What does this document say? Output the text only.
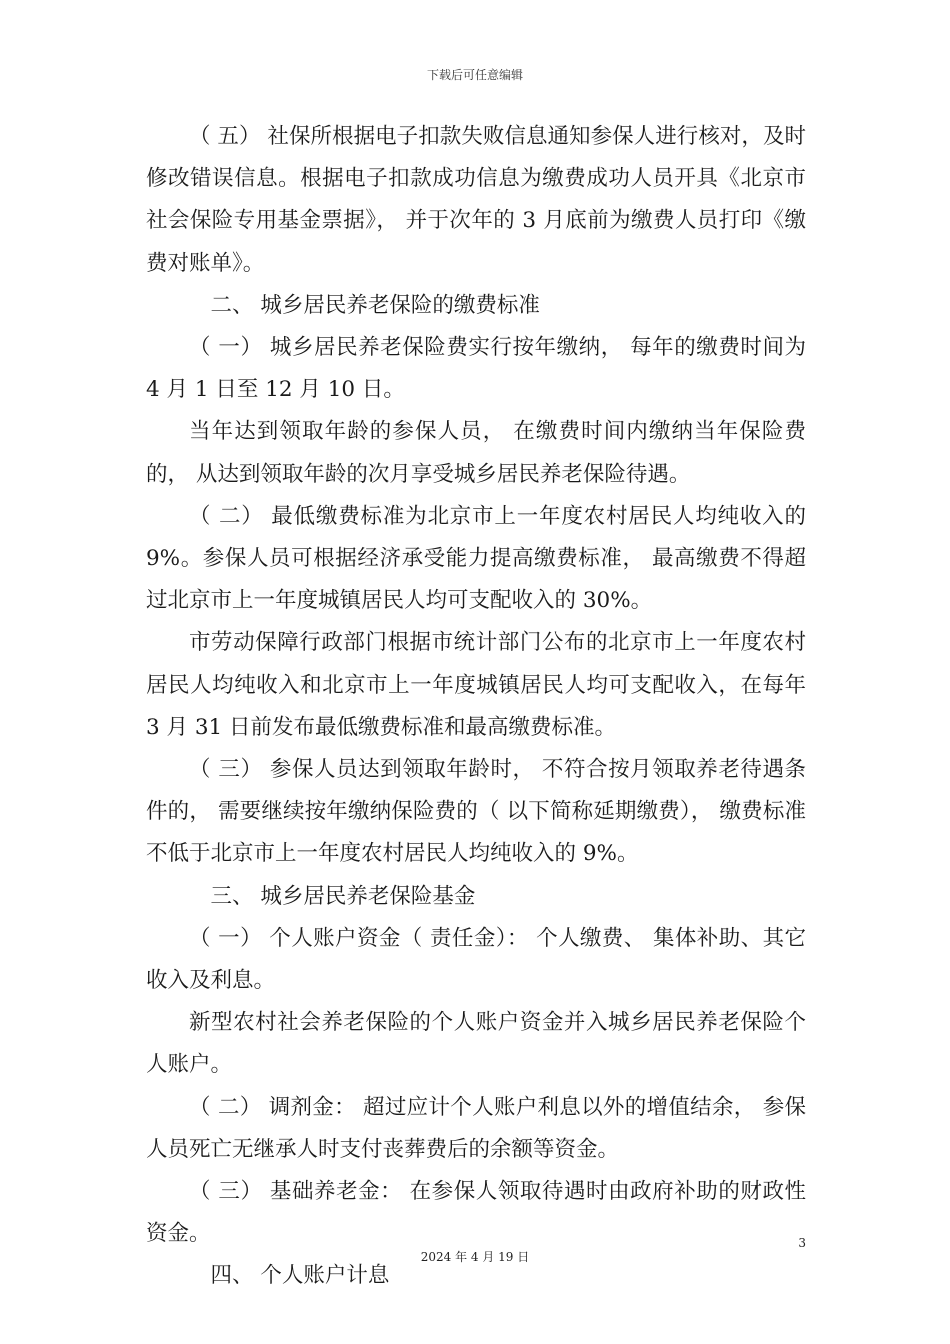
下载后可任意编辑

（ 五） 社保所根据电子扣款失败信息通知参保人进行核对，及时修改错误信息。根据电子扣款成功信息为缴费成功人员开具《北京市社会保险专用基金票据》， 并于次年的 3 月底前为缴费人员打印《缴费对账单》。

二、 城乡居民养老保险的缴费标准

（ 一） 城乡居民养老保险费实行按年缴纳， 每年的缴费时间为 4 月 1 日至 12 月 10 日。

当年达到领取年龄的参保人员， 在缴费时间内缴纳当年保险费的， 从达到领取年龄的次月享受城乡居民养老保险待遇。

（ 二） 最低缴费标准为北京市上一年度农村居民人均纯收入的 9%。参保人员可根据经济承受能力提高缴费标准， 最高缴费不得超过北京市上一年度城镇居民人均可支配收入的 30%。

市劳动保障行政部门根据市统计部门公布的北京市上一年度农村居民人均纯收入和北京市上一年度城镇居民人均可支配收入，在每年 3 月 31 日前发布最低缴费标准和最高缴费标准。

（ 三） 参保人员达到领取年龄时， 不符合按月领取养老待遇条件的， 需要继续按年缴纳保险费的（ 以下简称延期缴费）， 缴费标准不低于北京市上一年度农村居民人均纯收入的 9%。

三、 城乡居民养老保险基金

（ 一） 个人账户资金（ 责任金）： 个人缴费、 集体补助、其它收入及利息。

新型农村社会养老保险的个人账户资金并入城乡居民养老保险个人账户。

（ 二） 调剂金： 超过应计个人账户利息以外的增值结余， 参保人员死亡无继承人时支付丧葬费后的余额等资金。

（ 三） 基础养老金： 在参保人领取待遇时由政府补助的财政性资金。

四、 个人账户计息

3
2024 年 4 月 19 日
